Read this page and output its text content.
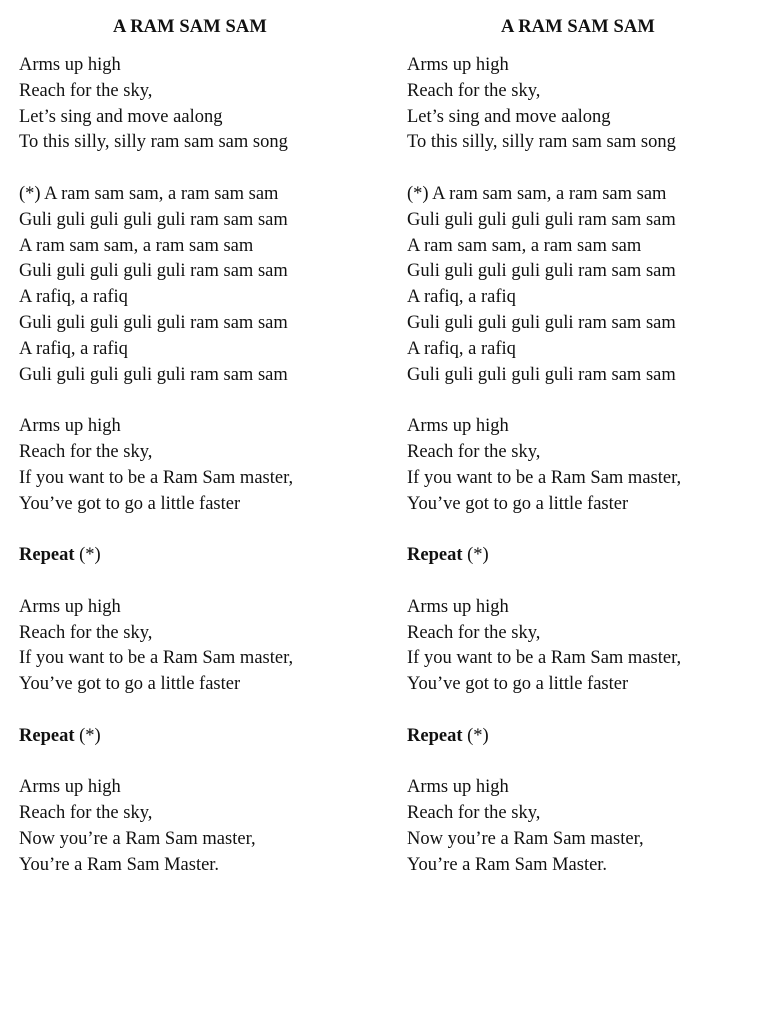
A RAM SAM SAM
Arms up high
Reach for the sky,
Let’s sing and move aalong
To this silly, silly ram sam sam song
(*) A ram sam sam, a ram sam sam
Guli guli guli guli guli ram sam sam
A ram sam sam, a ram sam sam
Guli guli guli guli guli ram sam sam
A rafiq, a rafiq
Guli guli guli guli guli ram sam sam
A rafiq, a rafiq
Guli guli guli guli guli ram sam sam
Arms up high
Reach for the sky,
If you want to be a Ram Sam master,
You’ve got to go a little faster
Repeat (*)
Arms up high
Reach for the sky,
If you want to be a Ram Sam master,
You’ve got to go a little faster
Repeat (*)
Arms up high
Reach for the sky,
Now you’re a Ram Sam master,
You’re a Ram Sam Master.
A RAM SAM SAM
Arms up high
Reach for the sky,
Let’s sing and move aalong
To this silly, silly ram sam sam song
(*) A ram sam sam, a ram sam sam
Guli guli guli guli guli ram sam sam
A ram sam sam, a ram sam sam
Guli guli guli guli guli ram sam sam
A rafiq, a rafiq
Guli guli guli guli guli ram sam sam
A rafiq, a rafiq
Guli guli guli guli guli ram sam sam
Arms up high
Reach for the sky,
If you want to be a Ram Sam master,
You’ve got to go a little faster
Repeat (*)
Arms up high
Reach for the sky,
If you want to be a Ram Sam master,
You’ve got to go a little faster
Repeat (*)
Arms up high
Reach for the sky,
Now you’re a Ram Sam master,
You’re a Ram Sam Master.
